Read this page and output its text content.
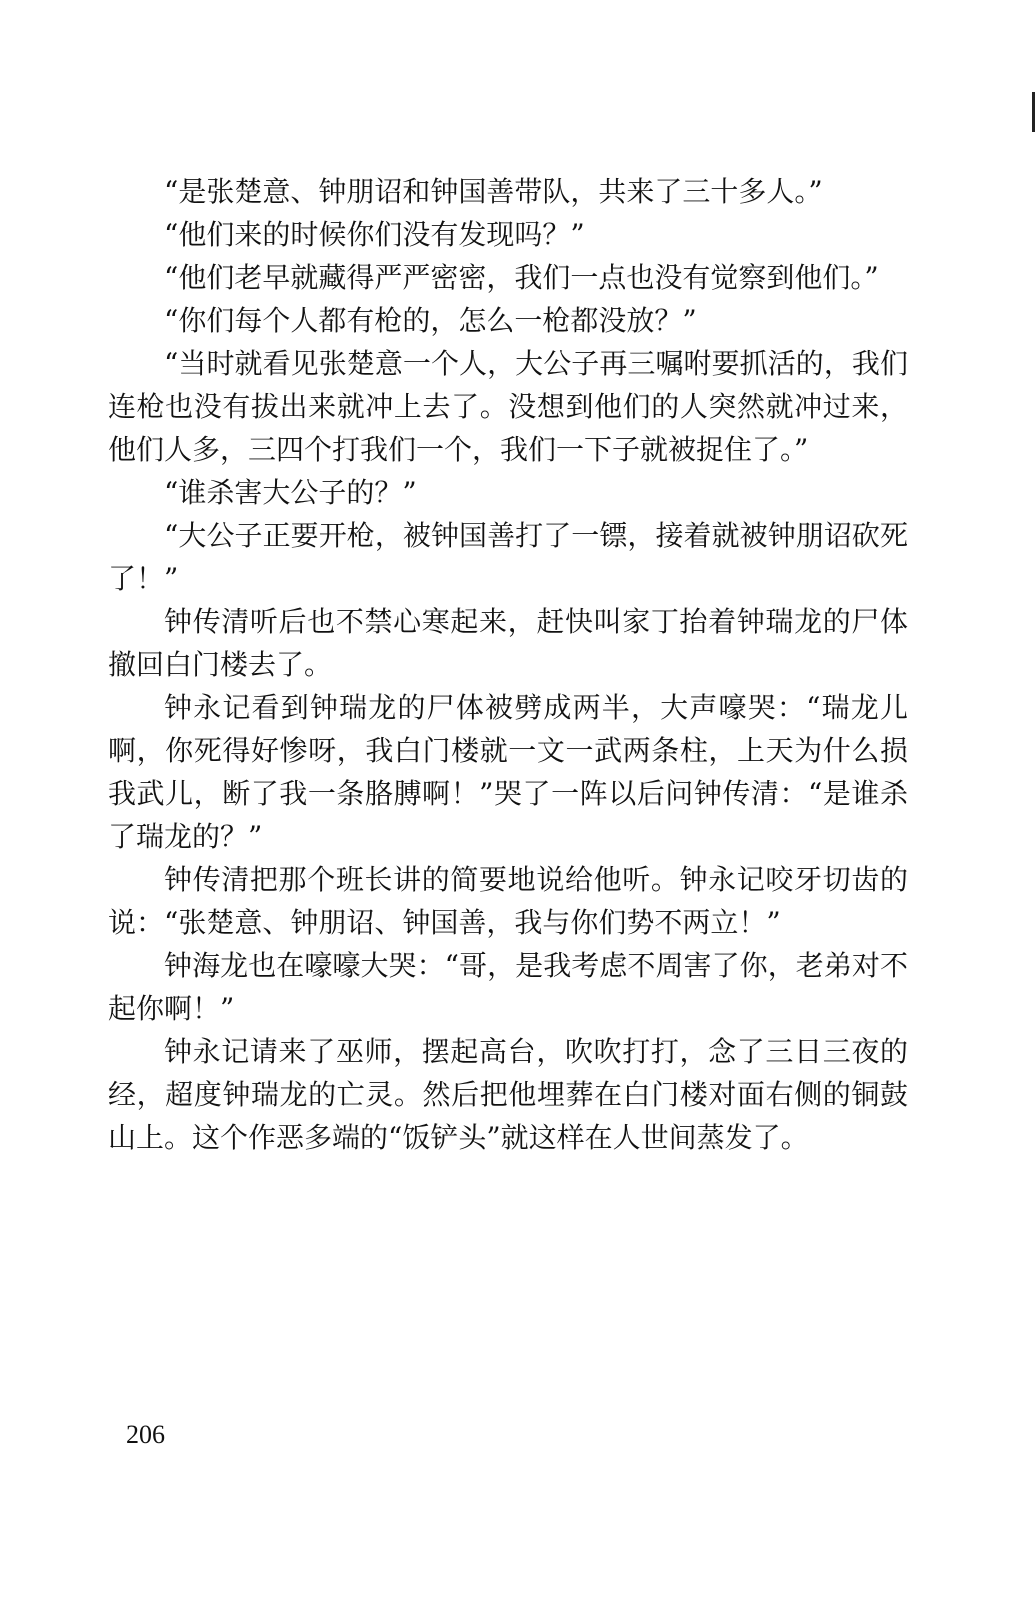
“是张楚意、钟朋诏和钟国善带队，共来了三十多人。”

“他们来的时候你们没有发现吗？”

“他们老早就藏得严严密密，我们一点也没有觉察到他们。”

“你们每个人都有枪的，怎么一枪都没放？”

“当时就看见张楚意一个人，大公子再三嘱咐要抓活的，我们连枪也没有拔出来就冲上去了。没想到他们的人突然就冲过来，他们人多，三四个打我们一个，我们一下子就被捉住了。”

“谁杀害大公子的？”

“大公子正要开枪，被钟国善打了一镖，接着就被钟朋诏砍死了！”

钟传清听后也不禁心寒起来，赶快叫家丁抬着钟瑞龙的尸体撤回白门楼去了。

钟永记看到钟瑞龙的尸体被劈成两半，大声嚎哭：“瑞龙儿啊，你死得好惨呀，我白门楼就一文一武两条柱，上天为什么损我武儿，断了我一条胳膊啊！”哭了一阵以后问钟传清：“是谁杀了瑞龙的？”

钟传清把那个班长讲的简要地说给他听。钟永记咬牙切齿的说：“张楚意、钟朋诏、钟国善，我与你们势不两立！”

钟海龙也在嚎嚎大哭：“哥，是我考虑不周害了你，老弟对不起你啊！”

钟永记请来了巫师，摆起高台，吹吹打打，念了三日三夜的经，超度钟瑞龙的亡灵。然后把他埋葬在白门楼对面右侧的铜鼓山上。这个作恶多端的“饭铲头”就这样在人世间蒸发了。

206
